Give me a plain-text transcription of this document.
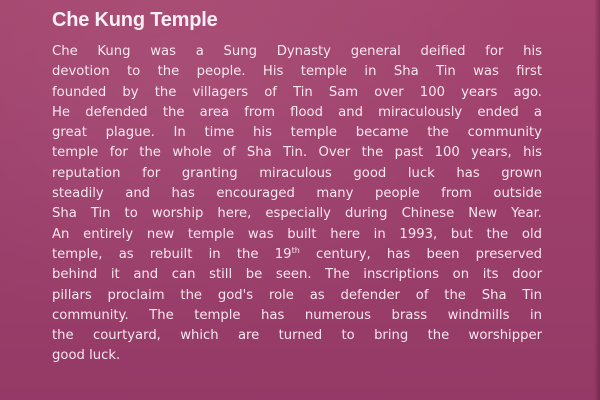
Che Kung Temple
Che Kung was a Sung Dynasty general deified for his
devotion to the people. His temple in Sha Tin was first
founded by the villagers of Tin Sam over 100 years ago.
He defended the area from flood and miraculously ended a
great plague. In time his temple became the community
temple for the whole of Sha Tin. Over the past 100 years, his
reputation for granting miraculous good luck has grown
steadily and has encouraged many people from outside
Sha Tin to worship here, especially during Chinese New Year.
An entirely new temple was built here in 1993, but the old
temple, as rebuilt in the 19th century, has been preserved
behind it and can still be seen. The inscriptions on its door
pillars proclaim the god's role as defender of the Sha Tin
community. The temple has numerous brass windmills in
the courtyard, which are turned to bring the worshipper
good luck.
